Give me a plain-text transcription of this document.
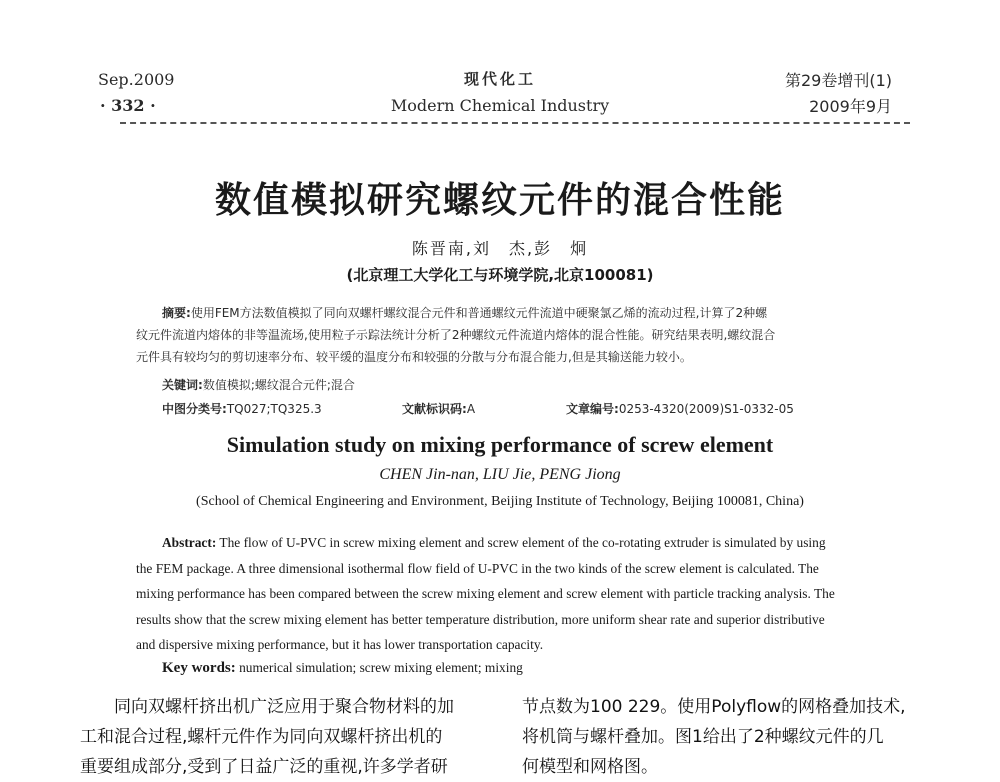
Sep.2009
· 332 ·
现代化工
Modern Chemical Industry
第29卷增刊(1)
2009年9月
数值模拟研究螺纹元件的混合性能
陈晋南,刘　杰,彭　炯
(北京理工大学化工与环境学院,北京100081)
摘要:使用FEM方法数值模拟了同向双螺杆螺纹混合元件和普通螺纹元件流道中硬聚氯乙烯的流动过程,计算了2种螺
纹元件流道内熔体的非等温流场,使用粒子示踪法统计分析了2种螺纹元件流道内熔体的混合性能。研究结果表明,螺纹混合
元件具有较均匀的剪切速率分布、较平缓的温度分布和较强的分散与分布混合能力,但是其输送能力较小。
关键词:数值模拟;螺纹混合元件;混合
中图分类号:TQ027;TQ325.3	文献标识码:A	文章编号:0253-4320(2009)S1-0332-05
Simulation study on mixing performance of screw element
CHEN Jin-nan, LIU Jie, PENG Jiong
(School of Chemical Engineering and Environment, Beijing Institute of Technology, Beijing 100081, China)
Abstract: The flow of U-PVC in screw mixing element and screw element of the co-rotating extruder is simulated by using
the FEM package. A three dimensional isothermal flow field of U-PVC in the two kinds of the screw element is calculated. The
mixing performance has been compared between the screw mixing element and screw element with particle tracking analysis. The
results show that the screw mixing element has better temperature distribution, more uniform shear rate and superior distributive
and dispersive mixing performance, but it has lower transportation capacity.
Key words: numerical simulation; screw mixing element; mixing
同向双螺杆挤出机广泛应用于聚合物材料的加
工和混合过程,螺杆元件作为同向双螺杆挤出机的
重要组成部分,受到了日益广泛的重视,许多学者研
节点数为100 229。使用Polyflow的网格叠加技术,
将机筒与螺杆叠加。图1给出了2种螺纹元件的几
何模型和网格图。
